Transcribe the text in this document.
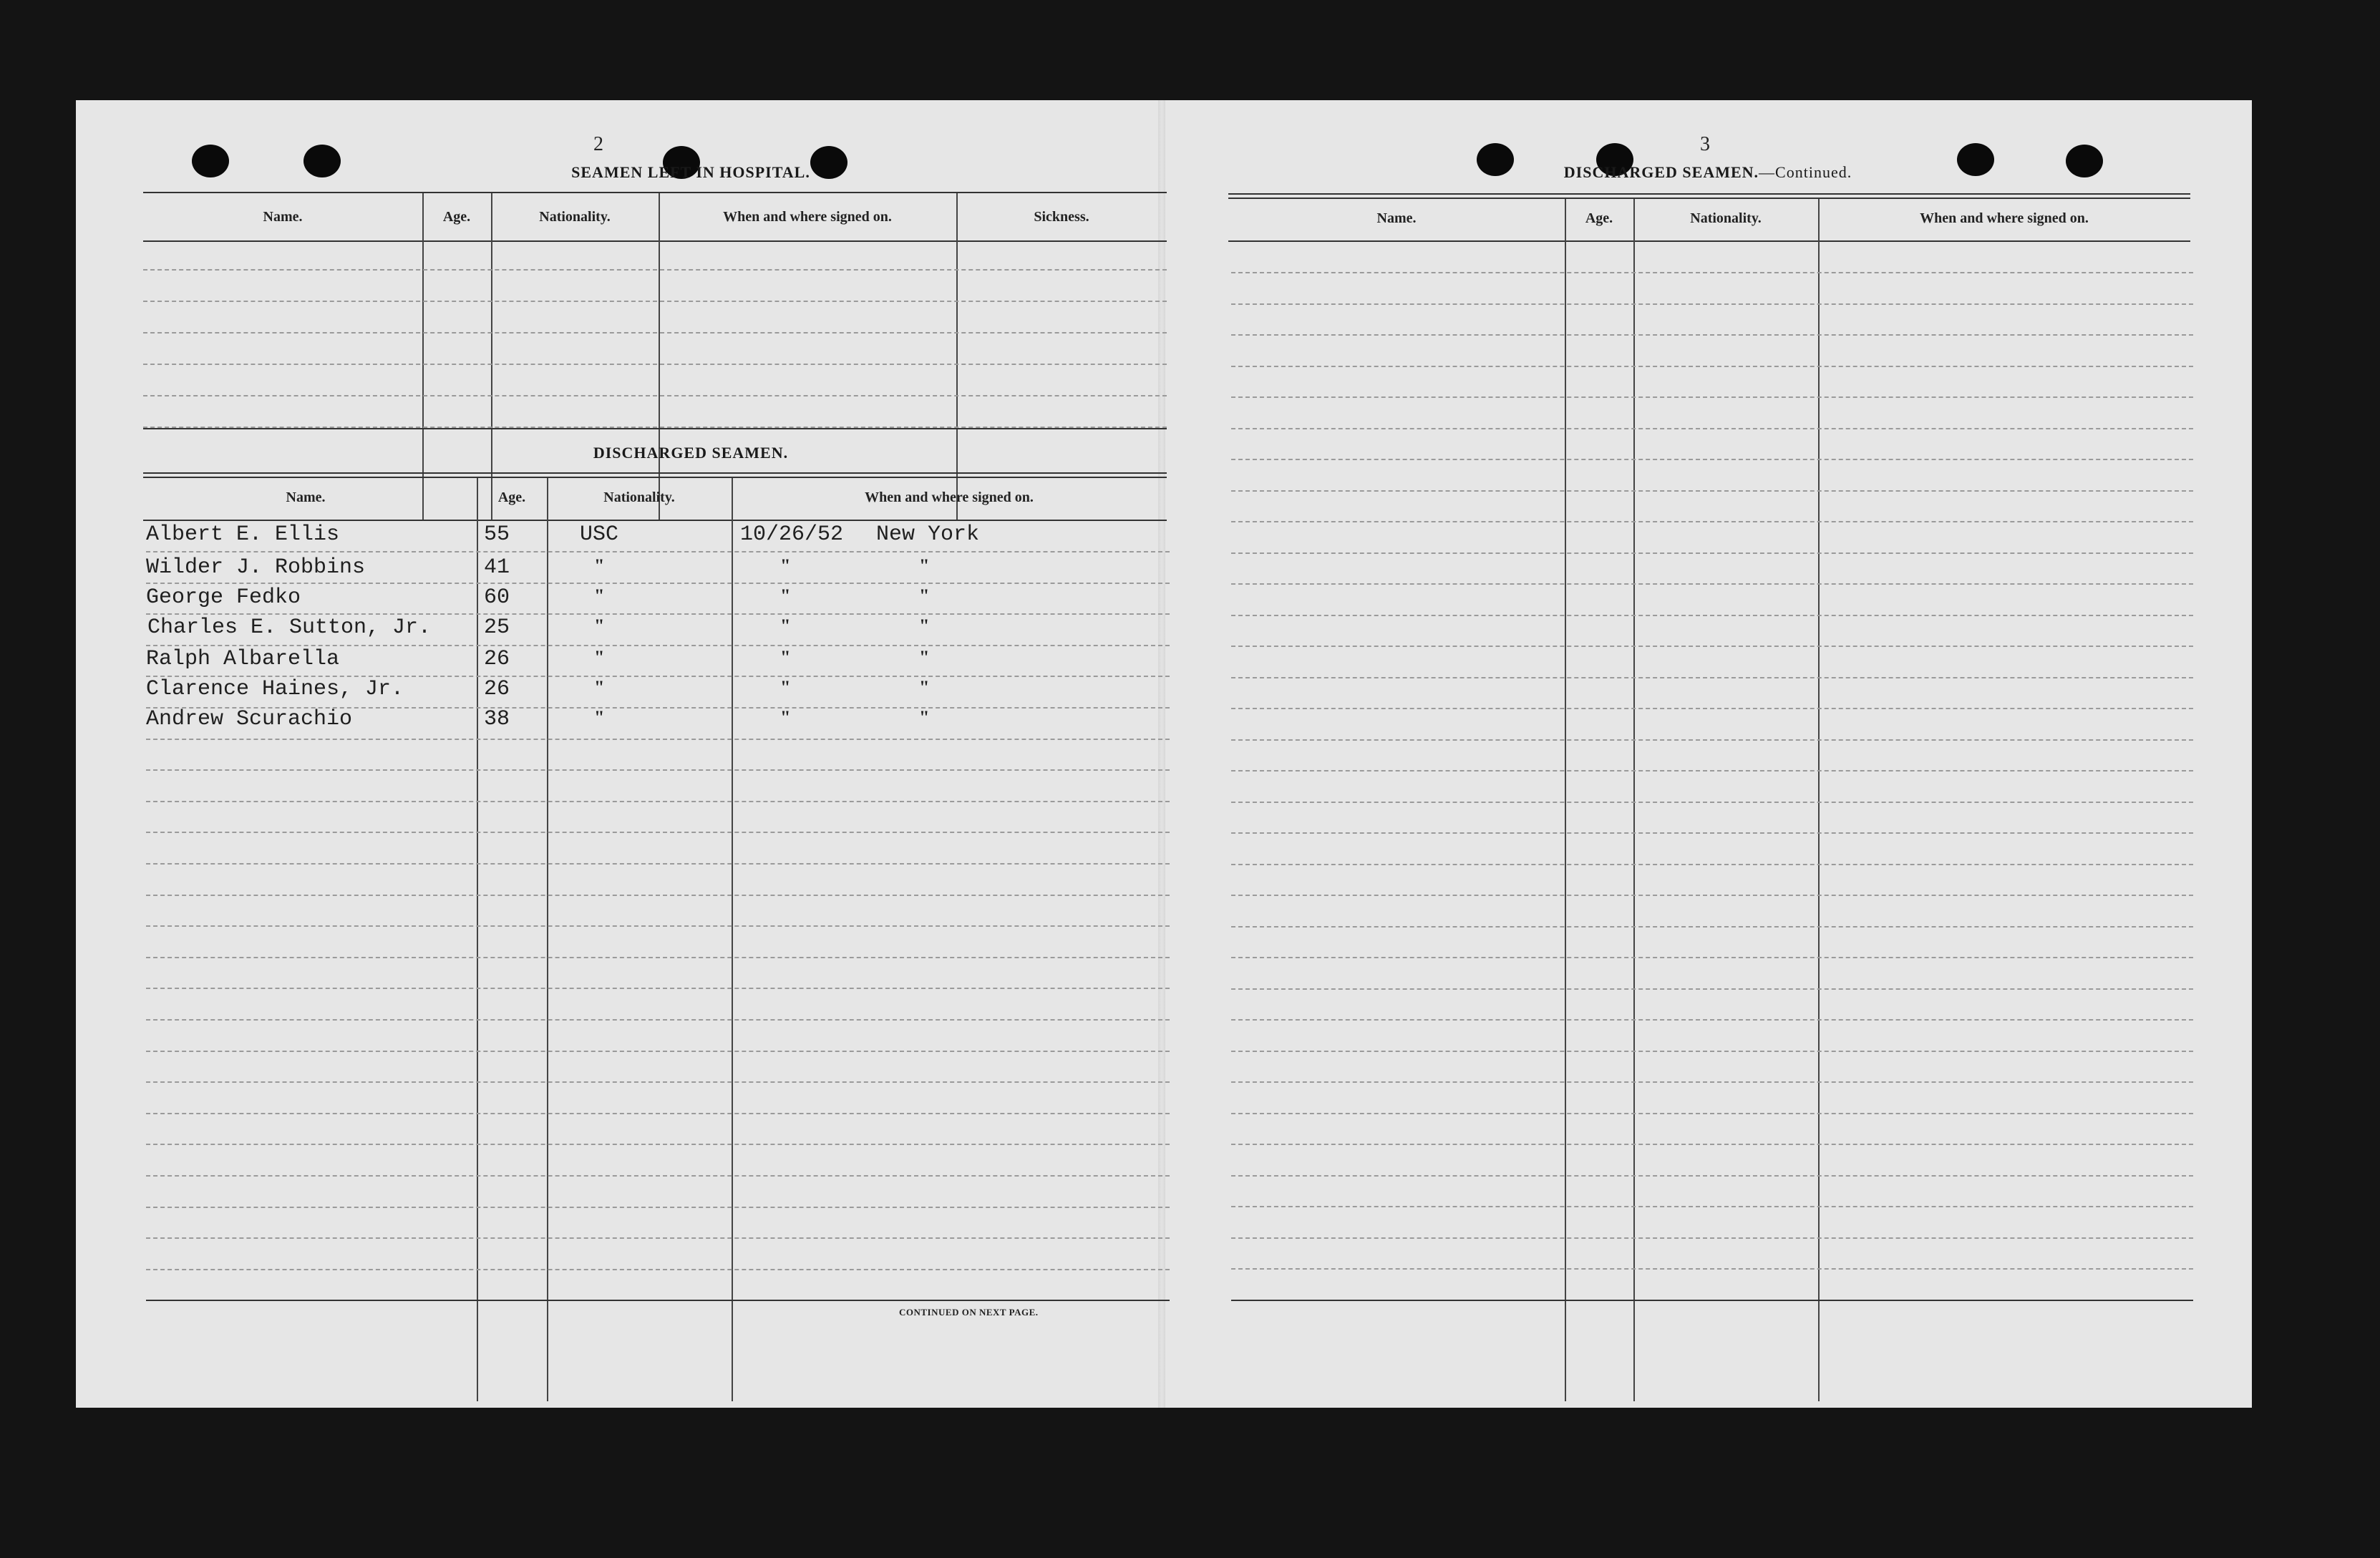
2
SEAMEN LEFT IN HOSPITAL.
Name.	Age.	Nationality.	When and where signed on.	Sickness.
DISCHARGED SEAMEN.
Name.	Age.	Nationality.	When and where signed on.
Albert E. Ellis	55	USC	10/26/52 New York
Wilder J. Robbins	41	"	"	"
George Fedko	60	"	"	"
Charles E. Sutton, Jr. 25	"	"	"
Ralph Albarella	26	"	"	"
Clarence Haines, Jr.	26	"	"	"
Andrew Scurachio	38	"	"	"
CONTINUED ON NEXT PAGE.
3
DISCHARGED SEAMEN.—Continued.
Name.	Age.	Nationality.	When and where signed on.
